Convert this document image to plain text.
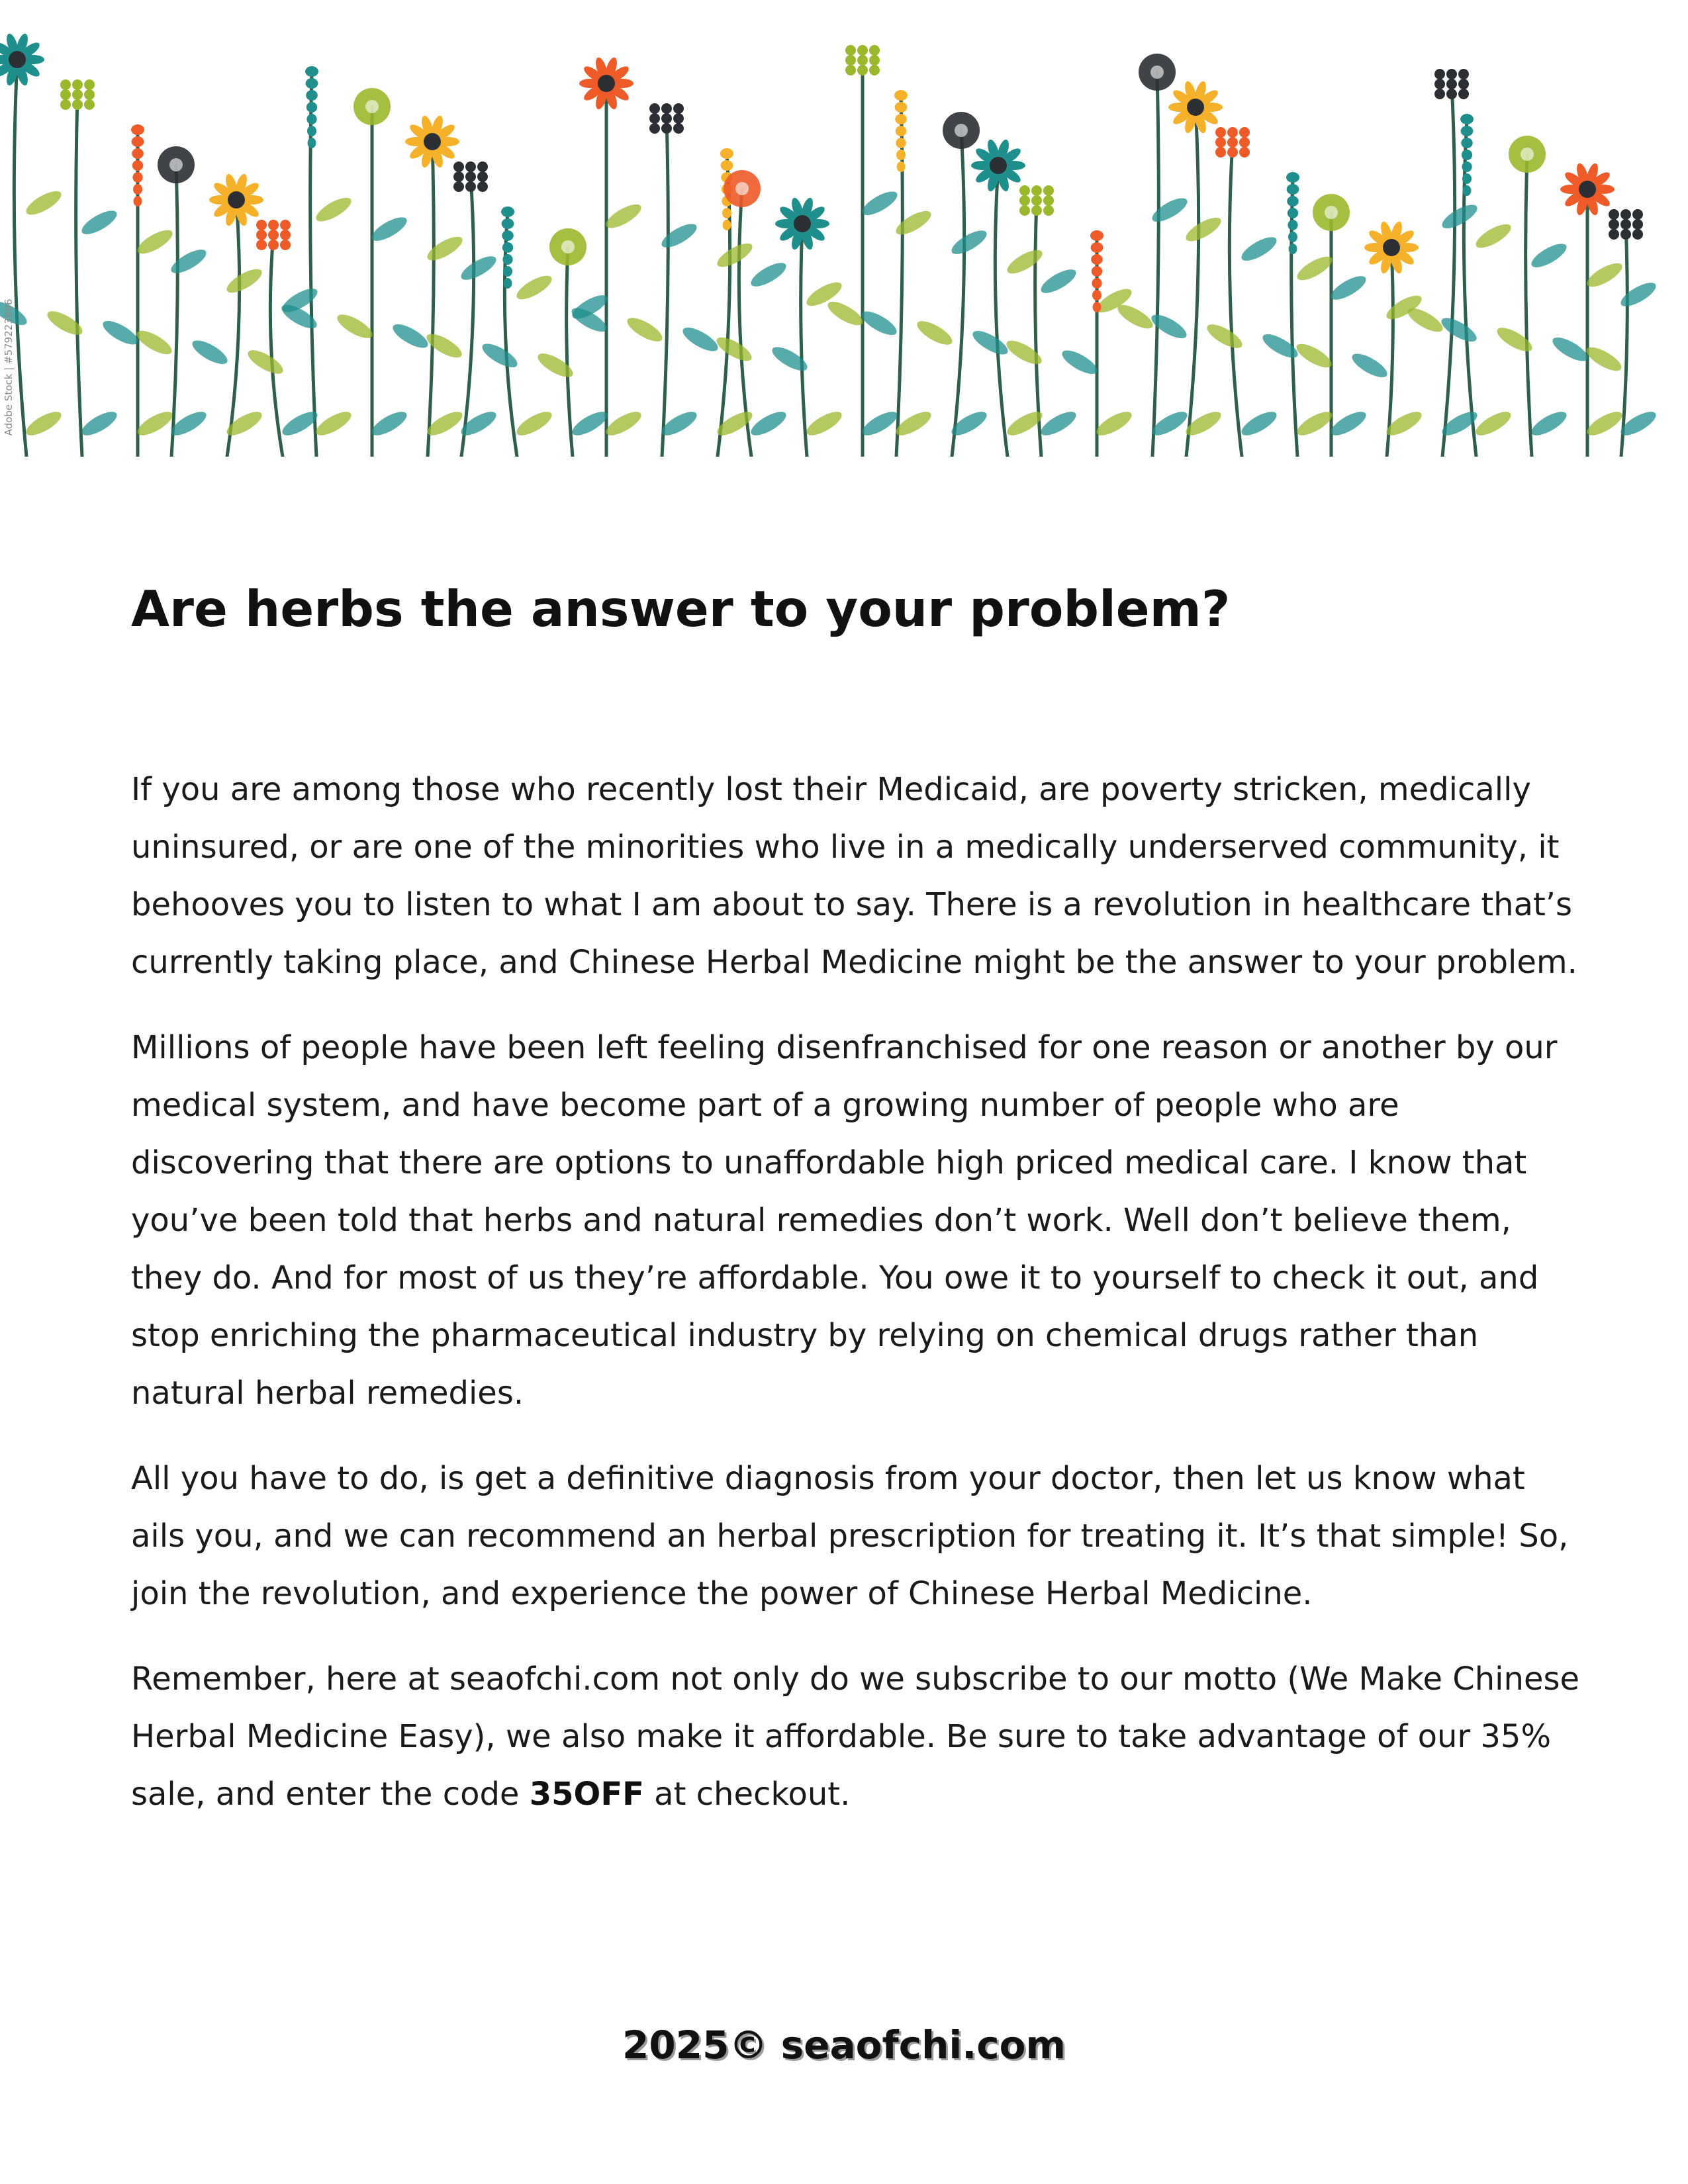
Adobe Stock | #579223886
Are herbs the answer to your problem?

If you are among those who recently lost their Medicaid, are poverty stricken, medically uninsured, or are one of the minorities who live in a medically underserved community, it behooves you to listen to what I am about to say. There is a revolution in healthcare that’s currently taking place, and Chinese Herbal Medicine might be the answer to your problem.

Millions of people have been left feeling disenfranchised for one reason or another by our medical system, and have become part of a growing number of people who are discovering that there are options to unaffordable high priced medical care. I know that you’ve been told that herbs and natural remedies don’t work. Well don’t believe them, they do. And for most of us they’re affordable. You owe it to yourself to check it out, and stop enriching the pharmaceutical industry by relying on chemical drugs rather than natural herbal remedies.

All you have to do, is get a definitive diagnosis from your doctor, then let us know what ails you, and we can recommend an herbal prescription for treating it. It’s that simple! So, join the revolution, and experience the power of Chinese Herbal Medicine.

Remember, here at seaofchi.com not only do we subscribe to our motto (We Make Chinese Herbal Medicine Easy), we also make it affordable. Be sure to take advantage of our 35% sale, and enter the code 35OFF at checkout.

2025© seaofchi.com
